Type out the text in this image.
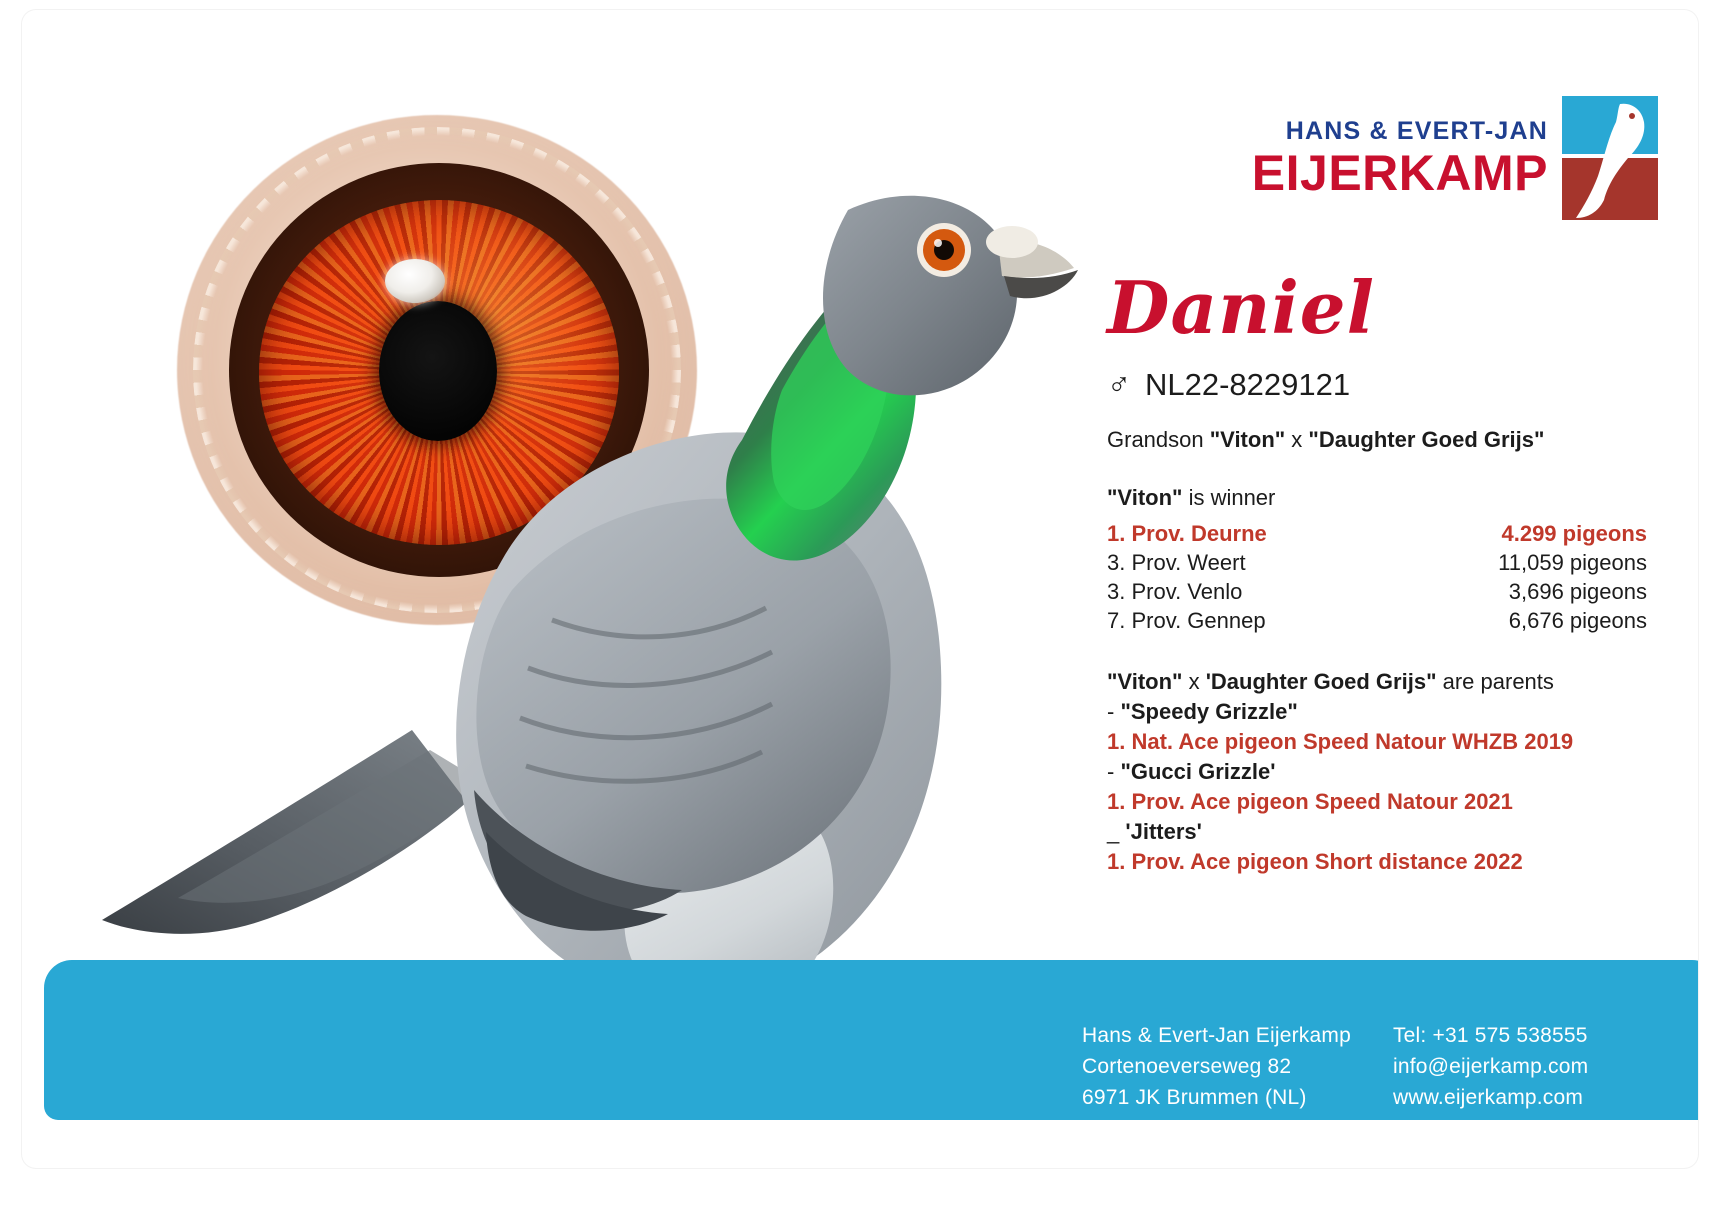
Hans & Evert-Jan Eijerkamp

Cortenoeverseweg 82

6971 JK Brummen (NL)

Tel: +31 575 538555

info@eijerkamp.com

www.eijerkamp.com

HANS & EVERT-JAN
EIJERKAMP
Daniel
♂ NL22-8229121
Grandson "Viton" x "Daughter Goed Grijs"
"Viton" is winner
1. Prov. Deurne	4.299 pigeons
3. Prov. Weert	11,059 pigeons
3. Prov. Venlo	3,696 pigeons
7. Prov. Gennep	6,676 pigeons
"Viton" x 'Daughter Goed Grijs" are parents
- "Speedy Grizzle"
1. Nat. Ace pigeon Speed Natour WHZB 2019
- "Gucci Grizzle'
1. Prov. Ace pigeon Speed Natour 2021
_ 'Jitters'
1. Prov. Ace pigeon Short distance 2022
